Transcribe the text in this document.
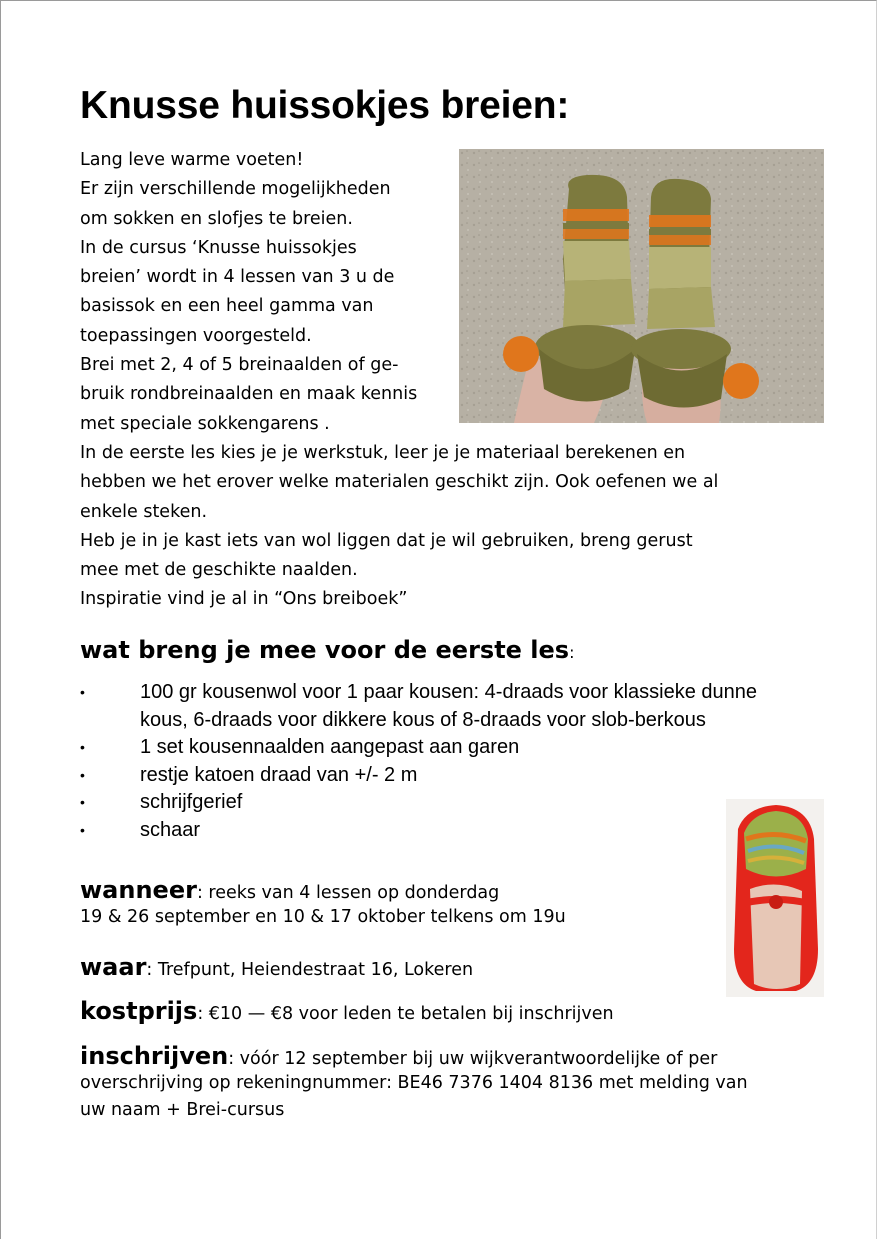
Knusse huissokjes breien:
Lang leve warme voeten!
Er zijn verschillende mogelijkheden
om sokken en slofjes te breien.
In de cursus ‘Knusse huissokjes
breien’ wordt in 4 lessen van 3 u de
basissok en een heel gamma van
toepassingen voorgesteld.
Brei met 2, 4 of 5 breinaalden of ge-
bruik rondbreinaalden en maak kennis
met speciale sokkengarens .
In de eerste les kies je je werkstuk, leer je je materiaal berekenen en
hebben we het erover welke materialen geschikt zijn. Ook oefenen we al
enkele steken.
Heb je in je kast iets van wol liggen dat je wil gebruiken, breng gerust
mee met de geschikte naalden.
Inspiratie vind je al in “Ons breiboek”
wat breng je mee voor de eerste les:
•	100 gr kousenwol voor 1 paar kousen: 4-draads voor klassieke dunne kous, 6-draads voor dikkere kous of 8-draads voor slob-berkous
•	1 set kousennaalden aangepast aan garen
•	restje katoen draad van +/- 2 m
•	schrijfgerief
•	schaar

wanneer: reeks van 4 lessen op donderdag
19 & 26 september en 10 & 17 oktober telkens om 19u

waar: Trefpunt, Heiendestraat 16, Lokeren

kostprijs: €10 — €8 voor leden te betalen bij inschrijven

inschrijven: vóór 12 september bij uw wijkverantwoordelijke of per
overschrijving op rekeningnummer: BE46 7376 1404 8136 met melding van
uw naam + Brei-cursus
